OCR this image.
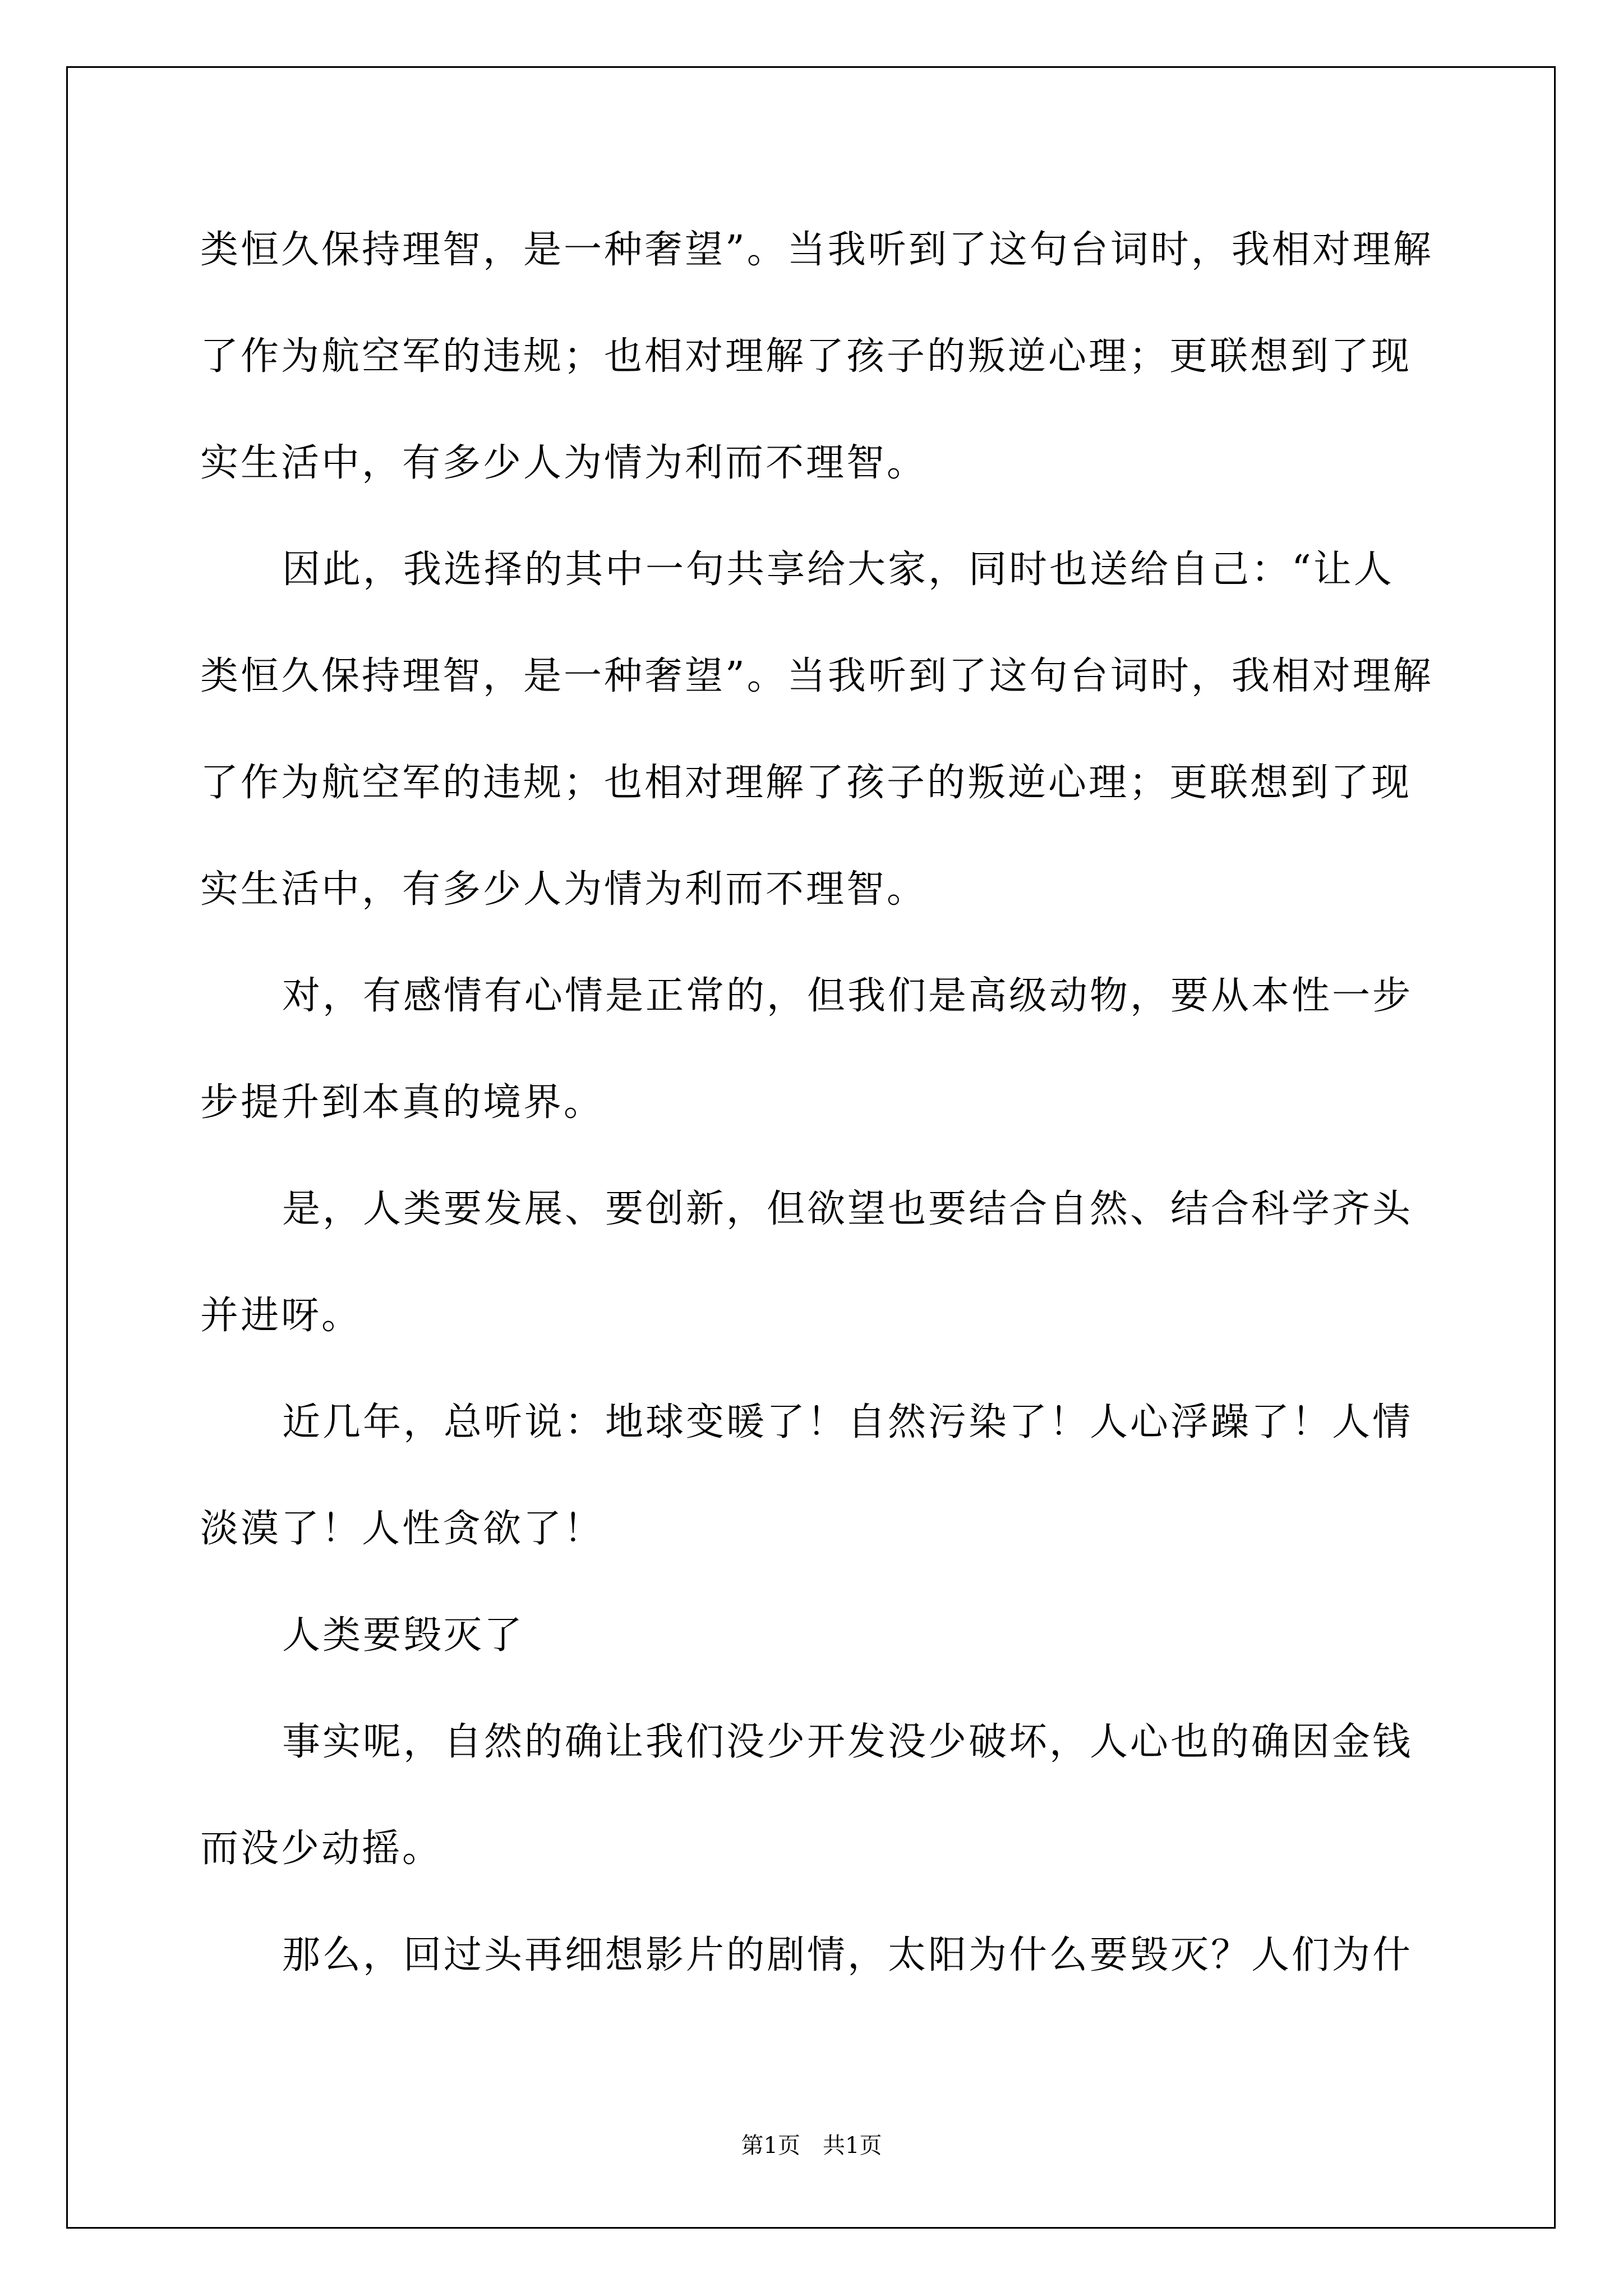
类恒久保持理智，是一种奢望”。当我听到了这句台词时，我相对理解
了作为航空军的违规；也相对理解了孩子的叛逆心理；更联想到了现
实生活中，有多少人为情为利而不理智。
因此，我选择的其中一句共享给大家，同时也送给自己：“让人
类恒久保持理智，是一种奢望”。当我听到了这句台词时，我相对理解
了作为航空军的违规；也相对理解了孩子的叛逆心理；更联想到了现
实生活中，有多少人为情为利而不理智。
对，有感情有心情是正常的，但我们是高级动物，要从本性一步
步提升到本真的境界。
是，人类要发展、要创新，但欲望也要结合自然、结合科学齐头
并进呀。
近几年，总听说：地球变暖了！自然污染了！人心浮躁了！人情
淡漠了！人性贪欲了！
人类要毁灭了
事实呢，自然的确让我们没少开发没少破坏，人心也的确因金钱
而没少动摇。
那么，回过头再细想影片的剧情，太阳为什么要毁灭？人们为什
第1页　共1页
